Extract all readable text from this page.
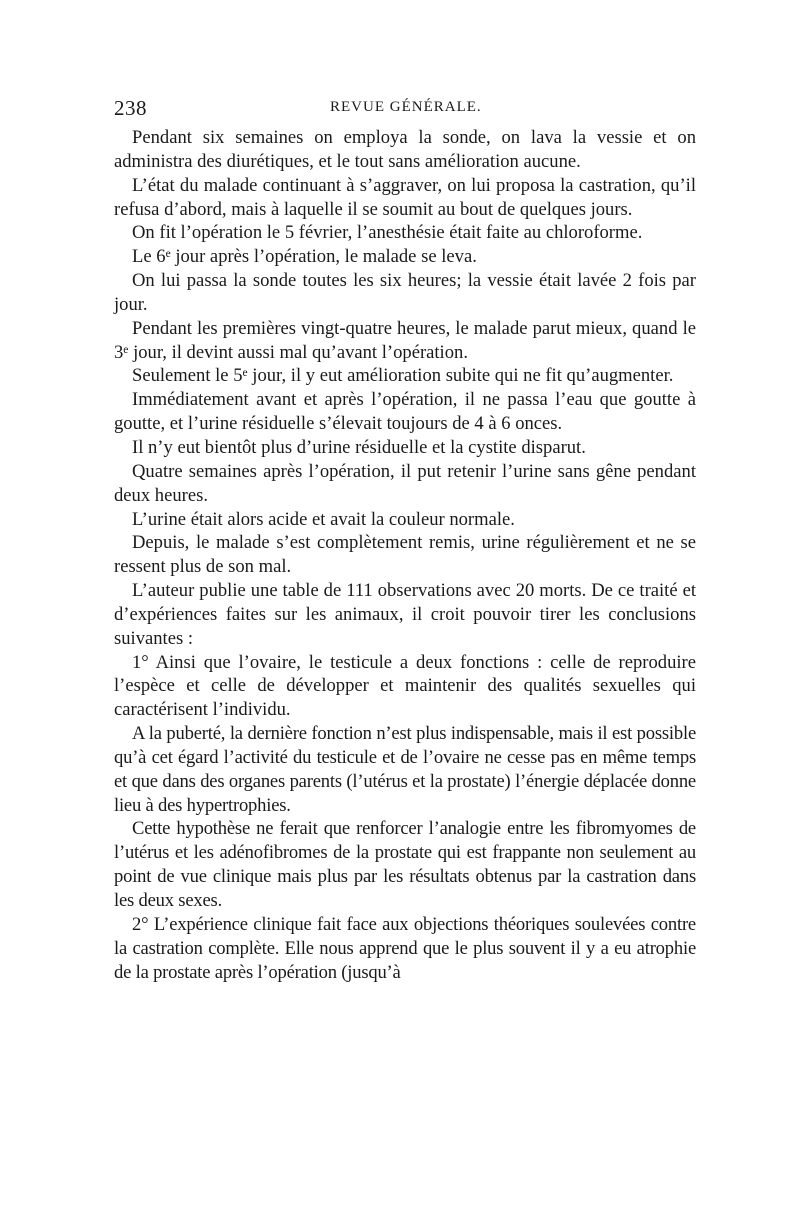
238	REVUE GÉNÉRALE.

Pendant six semaines on employa la sonde, on lava la vessie et on administra des diurétiques, et le tout sans amélioration aucune.

L’état du malade continuant à s’aggraver, on lui proposa la castration, qu’il refusa d’abord, mais à laquelle il se soumit au bout de quelques jours.

On fit l’opération le 5 février, l’anesthésie était faite au chloroforme.

Le 6e jour après l’opération, le malade se leva.

On lui passa la sonde toutes les six heures; la vessie était lavée 2 fois par jour.

Pendant les premières vingt-quatre heures, le malade parut mieux, quand le 3e jour, il devint aussi mal qu’avant l’opération.

Seulement le 5e jour, il y eut amélioration subite qui ne fit qu’augmenter.

Immédiatement avant et après l’opération, il ne passa l’eau que goutte à goutte, et l’urine résiduelle s’élevait toujours de 4 à 6 onces.

Il n’y eut bientôt plus d’urine résiduelle et la cystite disparut.

Quatre semaines après l’opération, il put retenir l’urine sans gêne pendant deux heures.

L’urine était alors acide et avait la couleur normale.

Depuis, le malade s’est complètement remis, urine régulièrement et ne se ressent plus de son mal.

L’auteur publie une table de 111 observations avec 20 morts. De ce traité et d’expériences faites sur les animaux, il croit pouvoir tirer les conclusions suivantes :

1° Ainsi que l’ovaire, le testicule a deux fonctions : celle de reproduire l’espèce et celle de développer et maintenir des qualités sexuelles qui caractérisent l’individu.

A la puberté, la dernière fonction n’est plus indispensable, mais il est possible qu’à cet égard l’activité du testicule et de l’ovaire ne cesse pas en même temps et que dans des organes parents (l’utérus et la prostate) l’énergie déplacée donne lieu à des hypertrophies.

Cette hypothèse ne ferait que renforcer l’analogie entre les fibromyomes de l’utérus et les adénofibromes de la prostate qui est frappante non seulement au point de vue clinique mais plus par les résultats obtenus par la castration dans les deux sexes.

2° L’expérience clinique fait face aux objections théoriques soulevées contre la castration complète. Elle nous apprend que le plus souvent il y a eu atrophie de la prostate après l’opération (jusqu’à
